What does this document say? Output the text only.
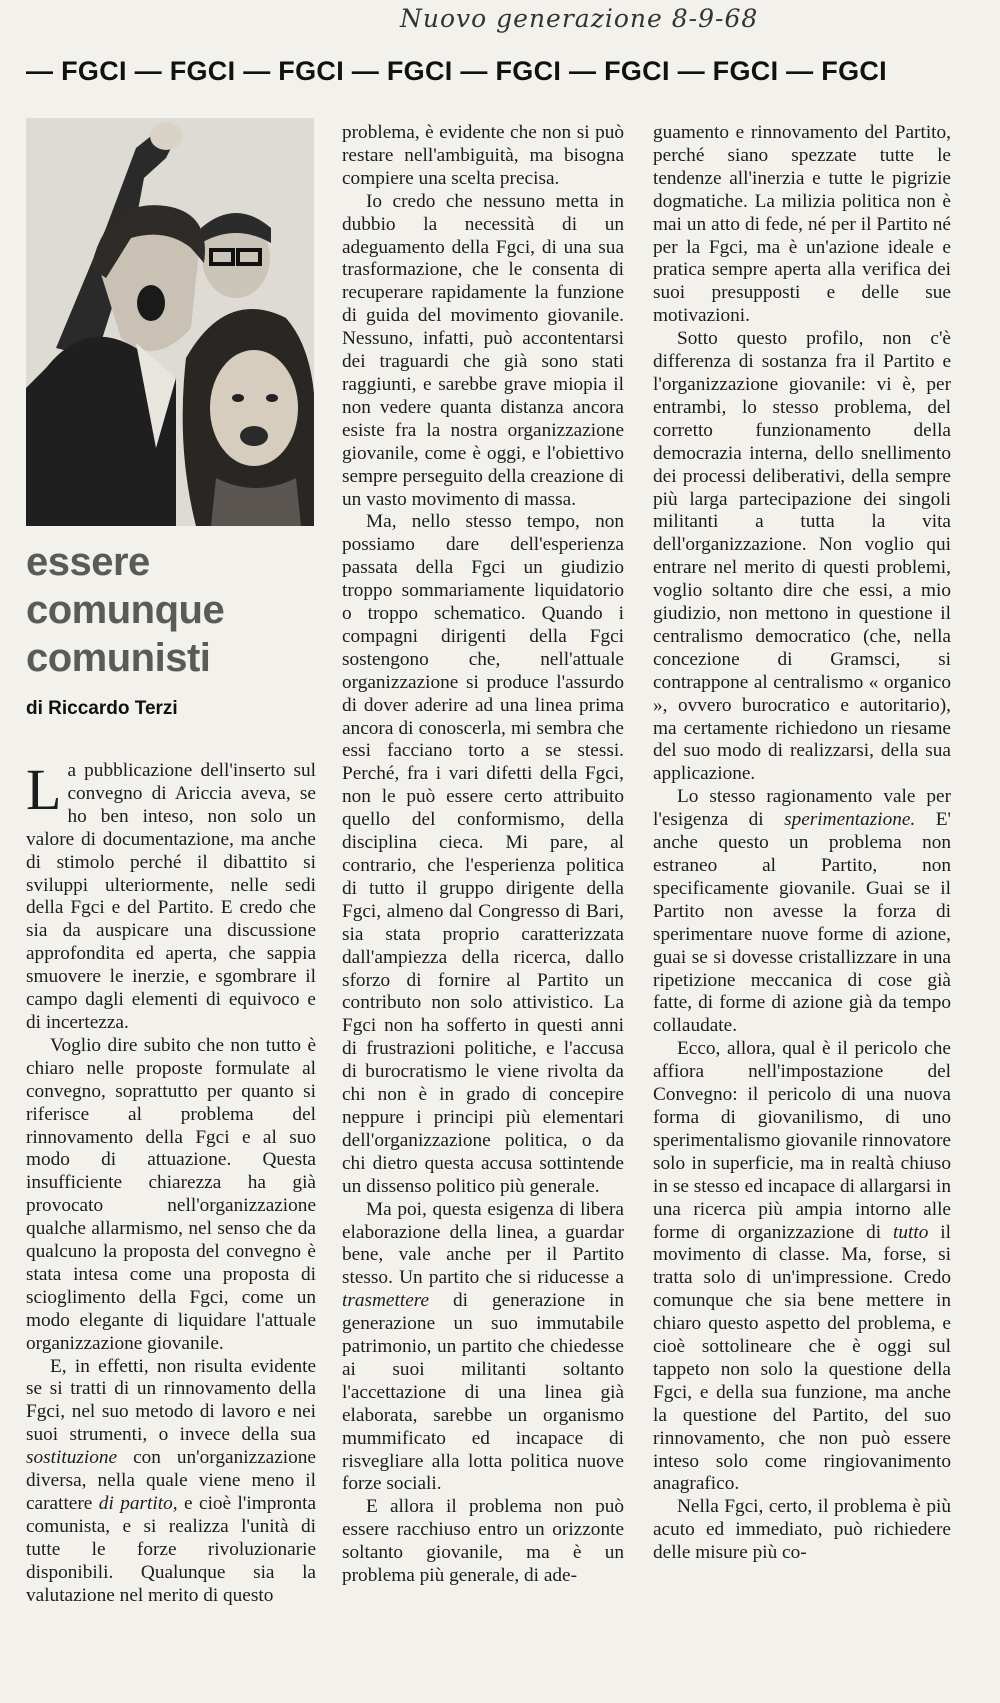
Nuovo generazione 8-9-68
— FGCI — FGCI — FGCI — FGCI — FGCI — FGCI — FGCI — FGCI
essere
comunque
comunisti
di Riccardo Terzi

La pubblicazione dell'inserto sul convegno di Ariccia aveva, se ho ben inteso, non solo un valore di documentazione, ma anche di stimolo perché il dibattito si sviluppi ulteriormente, nelle sedi della Fgci e del Partito. E credo che sia da auspicare una discussione approfondita ed aperta, che sappia smuovere le inerzie, e sgombrare il campo dagli elementi di equivoco e di incertezza.

Voglio dire subito che non tutto è chiaro nelle proposte formulate al convegno, soprattutto per quanto si riferisce al problema del rinnovamento della Fgci e al suo modo di attuazione. Questa insufficiente chiarezza ha già provocato nell'organizzazione qualche allarmismo, nel senso che da qualcuno la proposta del convegno è stata intesa come una proposta di scioglimento della Fgci, come un modo elegante di liquidare l'attuale organizzazione giovanile.

E, in effetti, non risulta evidente se si tratti di un rinnovamento della Fgci, nel suo metodo di lavoro e nei suoi strumenti, o invece della sua sostituzione con un'organizzazione diversa, nella quale viene meno il carattere di partito, e cioè l'impronta comunista, e si realizza l'unità di tutte le forze rivoluzionarie disponibili. Qualunque sia la valutazione nel merito di questo

problema, è evidente che non si può restare nell'ambiguità, ma bisogna compiere una scelta precisa.

Io credo che nessuno metta in dubbio la necessità di un adeguamento della Fgci, di una sua trasformazione, che le consenta di recuperare rapidamente la funzione di guida del movimento giovanile. Nessuno, infatti, può accontentarsi dei traguardi che già sono stati raggiunti, e sarebbe grave miopia il non vedere quanta distanza ancora esiste fra la nostra organizzazione giovanile, come è oggi, e l'obiettivo sempre perseguito della creazione di un vasto movimento di massa.

Ma, nello stesso tempo, non possiamo dare dell'esperienza passata della Fgci un giudizio troppo sommariamente liquidatorio o troppo schematico. Quando i compagni dirigenti della Fgci sostengono che, nell'attuale organizzazione si produce l'assurdo di dover aderire ad una linea prima ancora di conoscerla, mi sembra che essi facciano torto a se stessi. Perché, fra i vari difetti della Fgci, non le può essere certo attribuito quello del conformismo, della disciplina cieca. Mi pare, al contrario, che l'esperienza politica di tutto il gruppo dirigente della Fgci, almeno dal Congresso di Bari, sia stata proprio caratterizzata dall'ampiezza della ricerca, dallo sforzo di fornire al Partito un contributo non solo attivistico. La Fgci non ha sofferto in questi anni di frustrazioni politiche, e l'accusa di burocratismo le viene rivolta da chi non è in grado di concepire neppure i principi più elementari dell'organizzazione politica, o da chi dietro questa accusa sottintende un dissenso politico più generale.

Ma poi, questa esigenza di libera elaborazione della linea, a guardar bene, vale anche per il Partito stesso. Un partito che si riducesse a trasmettere di generazione in generazione un suo immutabile patrimonio, un partito che chiedesse ai suoi militanti soltanto l'accettazione di una linea già elaborata, sarebbe un organismo mummificato ed incapace di risvegliare alla lotta politica nuove forze sociali.

E allora il problema non può essere racchiuso entro un orizzonte soltanto giovanile, ma è un problema più generale, di ade-

guamento e rinnovamento del Partito, perché siano spezzate tutte le tendenze all'inerzia e tutte le pigrizie dogmatiche. La milizia politica non è mai un atto di fede, né per il Partito né per la Fgci, ma è un'azione ideale e pratica sempre aperta alla verifica dei suoi presupposti e delle sue motivazioni.

Sotto questo profilo, non c'è differenza di sostanza fra il Partito e l'organizzazione giovanile: vi è, per entrambi, lo stesso problema, del corretto funzionamento della democrazia interna, dello snellimento dei processi deliberativi, della sempre più larga partecipazione dei singoli militanti a tutta la vita dell'organizzazione. Non voglio qui entrare nel merito di questi problemi, voglio soltanto dire che essi, a mio giudizio, non mettono in questione il centralismo democratico (che, nella concezione di Gramsci, si contrappone al centralismo « organico », ovvero burocratico e autoritario), ma certamente richiedono un riesame del suo modo di realizzarsi, della sua applicazione.

Lo stesso ragionamento vale per l'esigenza di sperimentazione. E' anche questo un problema non estraneo al Partito, non specificamente giovanile. Guai se il Partito non avesse la forza di sperimentare nuove forme di azione, guai se si dovesse cristallizzare in una ripetizione meccanica di cose già fatte, di forme di azione già da tempo collaudate.

Ecco, allora, qual è il pericolo che affiora nell'impostazione del Convegno: il pericolo di una nuova forma di giovanilismo, di uno sperimentalismo giovanile rinnovatore solo in superficie, ma in realtà chiuso in se stesso ed incapace di allargarsi in una ricerca più ampia intorno alle forme di organizzazione di tutto il movimento di classe. Ma, forse, si tratta solo di un'impressione. Credo comunque che sia bene mettere in chiaro questo aspetto del problema, e cioè sottolineare che è oggi sul tappeto non solo la questione della Fgci, e della sua funzione, ma anche la questione del Partito, del suo rinnovamento, che non può essere inteso solo come ringiovanimento anagrafico.

Nella Fgci, certo, il problema è più acuto ed immediato, può richiedere delle misure più co-
